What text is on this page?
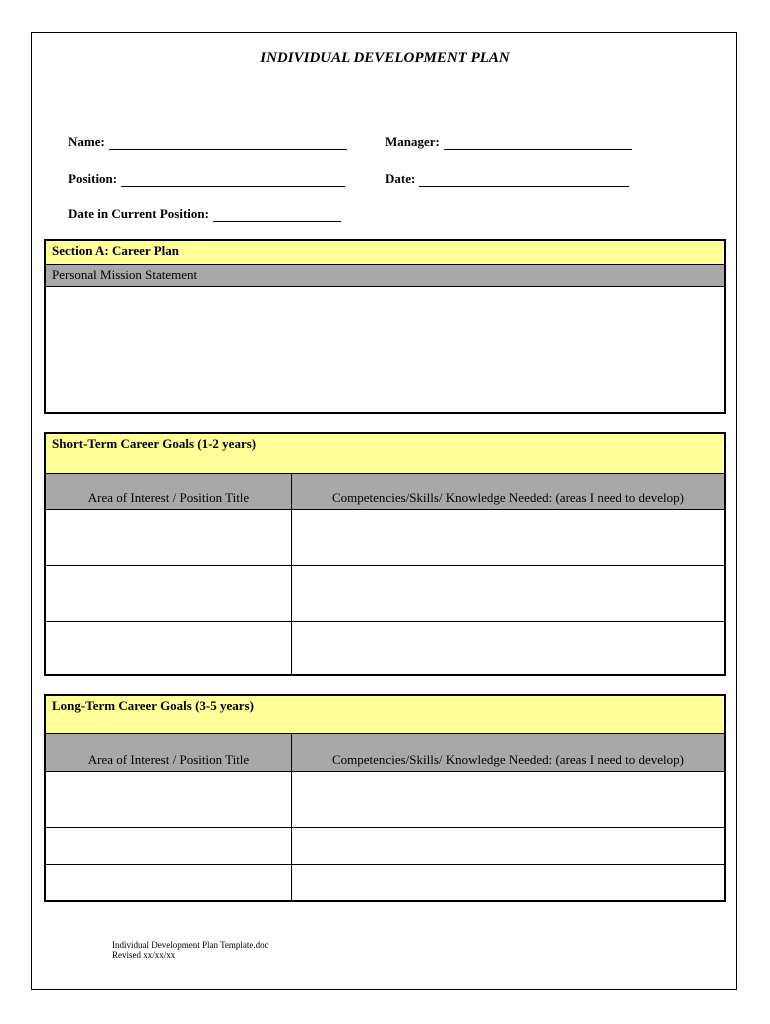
INDIVIDUAL DEVELOPMENT PLAN
Name:	Manager:
Position:	Date:
Date in Current Position:
Section A: Career Plan
Personal Mission Statement
Short-Term Career Goals (1-2 years)
Area of Interest / Position Title	Competencies/Skills/ Knowledge Needed: (areas I need to develop)
Long-Term Career Goals (3-5 years)
Area of Interest / Position Title	Competencies/Skills/ Knowledge Needed: (areas I need to develop)
Individual Development Plan Template.doc
Revised xx/xx/xx
